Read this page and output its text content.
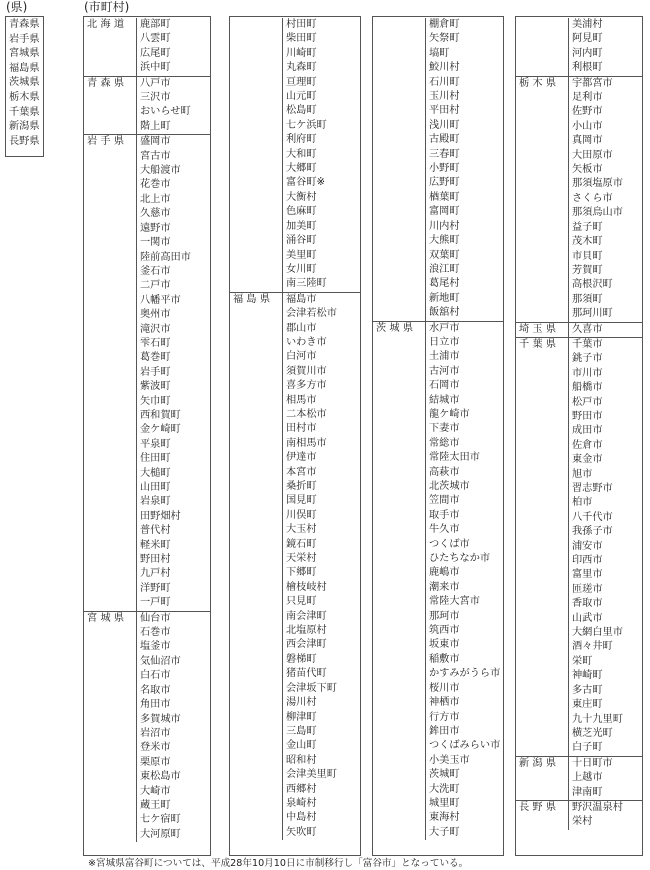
(県)	(市町村)
青森県
岩手県
宮城県
福島県
茨城県
栃木県
千葉県
新潟県
長野県
北 海 道	鹿部町
八雲町
広尾町
浜中町
青 森 県	八戸市
三沢市
おいらせ町
階上町
岩 手 県	盛岡市
宮古市
大船渡市
花巻市
北上市
久慈市
遠野市
一関市
陸前高田市
釜石市
二戸市
八幡平市
奥州市
滝沢市
雫石町
葛巻町
岩手町
紫波町
矢巾町
西和賀町
金ケ崎町
平泉町
住田町
大槌町
山田町
岩泉町
田野畑村
普代村
軽米町
野田村
九戸村
洋野町
一戸町
宮 城 県	仙台市
石巻市
塩釜市
気仙沼市
白石市
名取市
角田市
多賀城市
岩沼市
登米市
栗原市
東松島市
大崎市
蔵王町
七ケ宿町
大河原町
村田町
柴田町
川崎町
丸森町
亘理町
山元町
松島町
七ケ浜町
利府町
大和町
大郷町
富谷町※
大衡村
色麻町
加美町
涌谷町
美里町
女川町
南三陸町
福 島 県	福島市
会津若松市
郡山市
いわき市
白河市
須賀川市
喜多方市
相馬市
二本松市
田村市
南相馬市
伊達市
本宮市
桑折町
国見町
川俣町
大玉村
鏡石町
天栄村
下郷町
檜枝岐村
只見町
南会津町
北塩原村
西会津町
磐梯町
猪苗代町
会津坂下町
湯川村
柳津町
三島町
金山町
昭和村
会津美里町
西郷村
泉崎村
中島村
矢吹町
棚倉町
矢祭町
塙町
鮫川村
石川町
玉川村
平田村
浅川町
古殿町
三春町
小野町
広野町
楢葉町
富岡町
川内村
大熊町
双葉町
浪江町
葛尾村
新地町
飯舘村
茨 城 県	水戸市
日立市
土浦市
古河市
石岡市
結城市
龍ケ崎市
下妻市
常総市
常陸太田市
高萩市
北茨城市
笠間市
取手市
牛久市
つくば市
ひたちなか市
鹿嶋市
潮来市
常陸大宮市
那珂市
筑西市
坂東市
稲敷市
かすみがうら市
桜川市
神栖市
行方市
鉾田市
つくばみらい市
小美玉市
茨城町
大洗町
城里町
東海村
大子町
美浦村
阿見町
河内町
利根町
栃 木 県	宇都宮市
足利市
佐野市
小山市
真岡市
大田原市
矢板市
那須塩原市
さくら市
那須烏山市
益子町
茂木町
市貝町
芳賀町
高根沢町
那須町
那珂川町
埼 玉 県	久喜市
千 葉 県	千葉市
銚子市
市川市
船橋市
松戸市
野田市
成田市
佐倉市
東金市
旭市
習志野市
柏市
八千代市
我孫子市
浦安市
印西市
富里市
匝瑳市
香取市
山武市
大網白里市
酒々井町
栄町
神崎町
多古町
東庄町
九十九里町
横芝光町
白子町
新 潟 県	十日町市
上越市
津南町
長 野 県	野沢温泉村
栄村
※宮城県富谷町については、平成28年10月10日に市制移行し「富谷市」となっている。
